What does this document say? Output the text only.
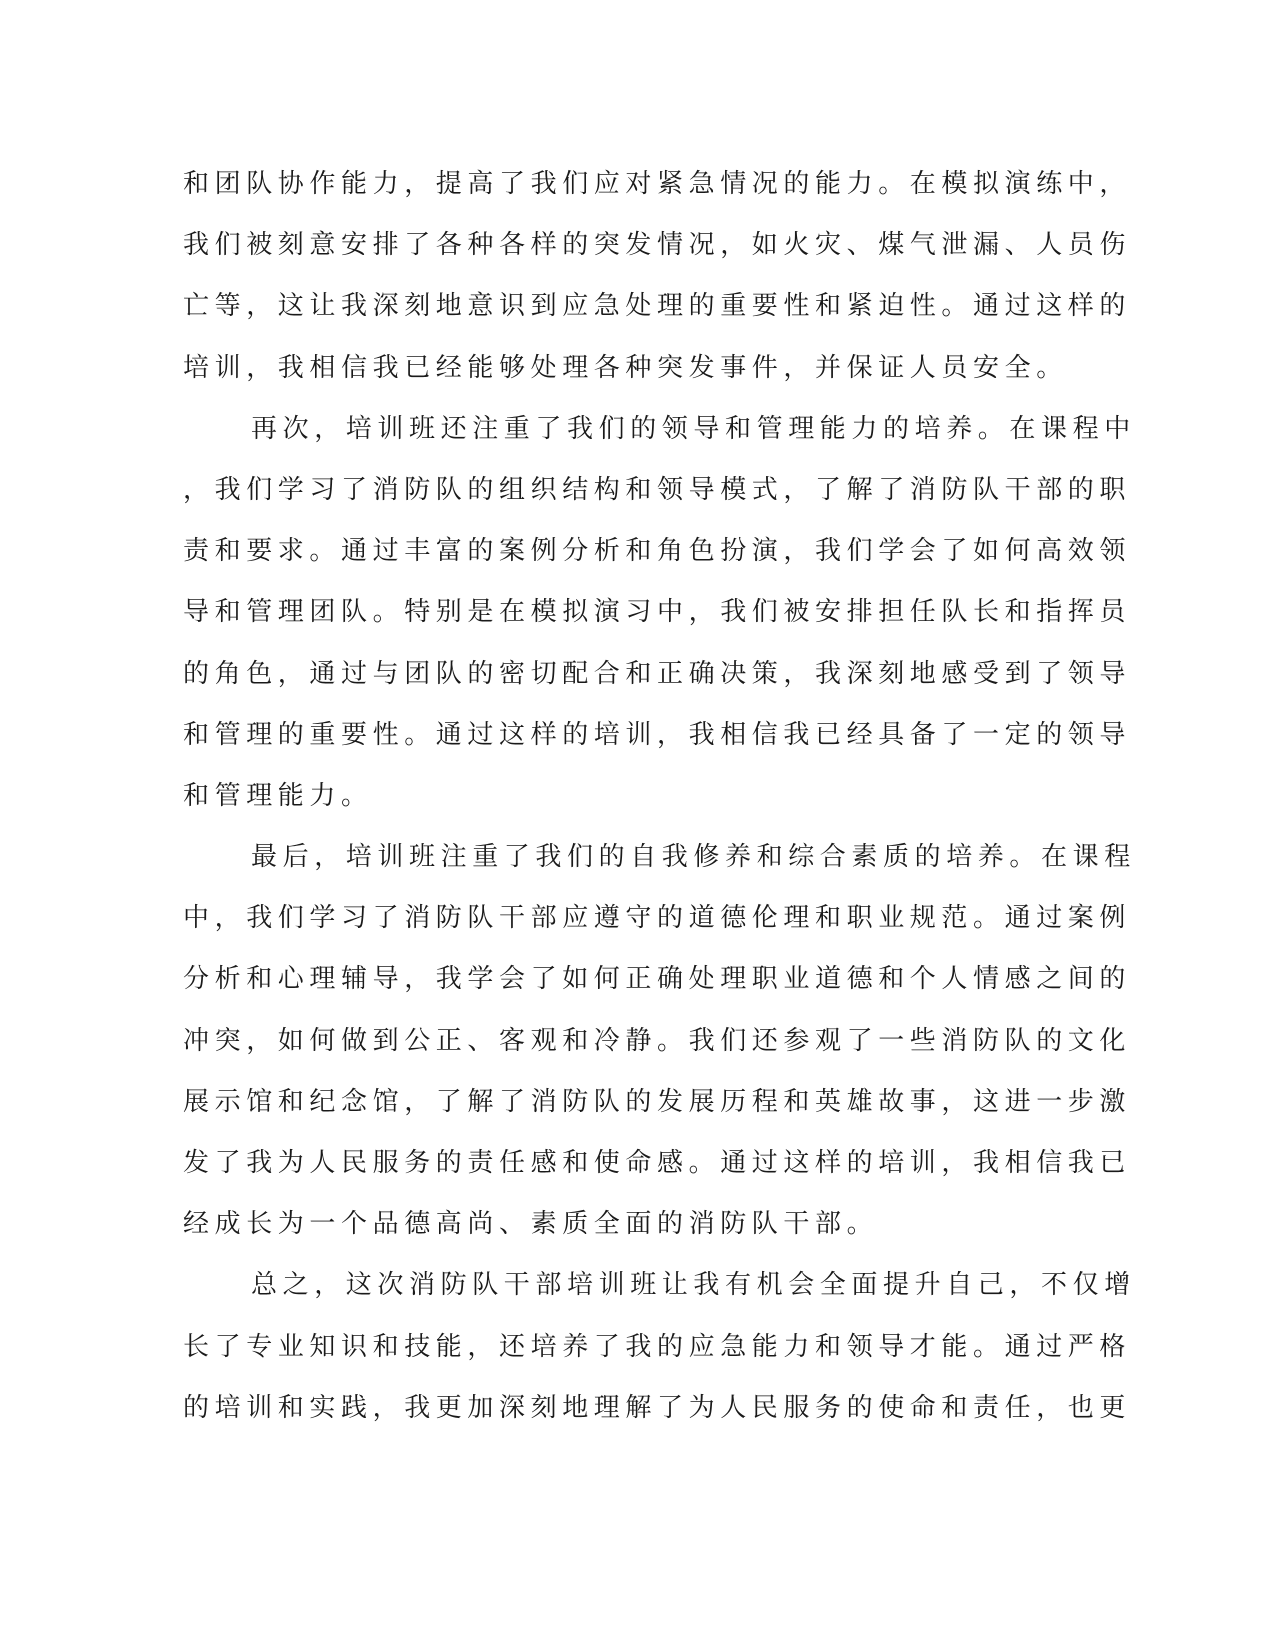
和团队协作能力，提高了我们应对紧急情况的能力。在模拟演练中，
我们被刻意安排了各种各样的突发情况，如火灾、煤气泄漏、人员伤
亡等，这让我深刻地意识到应急处理的重要性和紧迫性。通过这样的
培训，我相信我已经能够处理各种突发事件，并保证人员安全。
再次，培训班还注重了我们的领导和管理能力的培养。在课程中
，我们学习了消防队的组织结构和领导模式，了解了消防队干部的职
责和要求。通过丰富的案例分析和角色扮演，我们学会了如何高效领
导和管理团队。特别是在模拟演习中，我们被安排担任队长和指挥员
的角色，通过与团队的密切配合和正确决策，我深刻地感受到了领导
和管理的重要性。通过这样的培训，我相信我已经具备了一定的领导
和管理能力。
最后，培训班注重了我们的自我修养和综合素质的培养。在课程
中，我们学习了消防队干部应遵守的道德伦理和职业规范。通过案例
分析和心理辅导，我学会了如何正确处理职业道德和个人情感之间的
冲突，如何做到公正、客观和冷静。我们还参观了一些消防队的文化
展示馆和纪念馆，了解了消防队的发展历程和英雄故事，这进一步激
发了我为人民服务的责任感和使命感。通过这样的培训，我相信我已
经成长为一个品德高尚、素质全面的消防队干部。
总之，这次消防队干部培训班让我有机会全面提升自己，不仅增
长了专业知识和技能，还培养了我的应急能力和领导才能。通过严格
的培训和实践，我更加深刻地理解了为人民服务的使命和责任，也更
